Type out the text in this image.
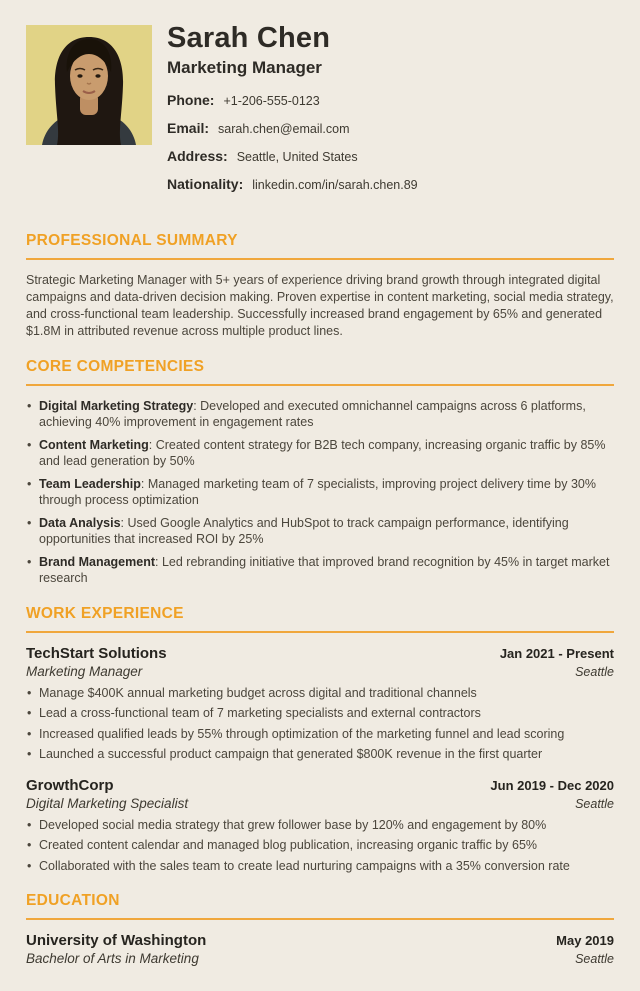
Sarah Chen
Marketing Manager
Phone: +1-206-555-0123
Email: sarah.chen@email.com
Address: Seattle, United States
Nationality: linkedin.com/in/sarah.chen.89
PROFESSIONAL SUMMARY

Strategic Marketing Manager with 5+ years of experience driving brand growth through integrated digital campaigns and data-driven decision making. Proven expertise in content marketing, social media strategy, and cross-functional team leadership. Successfully increased brand engagement by 65% and generated $1.8M in attributed revenue across multiple product lines.

CORE COMPETENCIES
• Digital Marketing Strategy: Developed and executed omnichannel campaigns across 6 platforms, achieving 40% improvement in engagement rates
• Content Marketing: Created content strategy for B2B tech company, increasing organic traffic by 85% and lead generation by 50%
• Team Leadership: Managed marketing team of 7 specialists, improving project delivery time by 30% through process optimization
• Data Analysis: Used Google Analytics and HubSpot to track campaign performance, identifying opportunities that increased ROI by 25%
• Brand Management: Led rebranding initiative that improved brand recognition by 45% in target market research
WORK EXPERIENCE
TechStart Solutions	Jan 2021 - Present
Marketing Manager	Seattle
• Manage $400K annual marketing budget across digital and traditional channels
• Lead a cross-functional team of 7 marketing specialists and external contractors
• Increased qualified leads by 55% through optimization of the marketing funnel and lead scoring
• Launched a successful product campaign that generated $800K revenue in the first quarter
GrowthCorp	Jun 2019 - Dec 2020
Digital Marketing Specialist	Seattle
• Developed social media strategy that grew follower base by 120% and engagement by 80%
• Created content calendar and managed blog publication, increasing organic traffic by 65%
• Collaborated with the sales team to create lead nurturing campaigns with a 35% conversion rate
EDUCATION
University of Washington	May 2019
Bachelor of Arts in Marketing	Seattle
